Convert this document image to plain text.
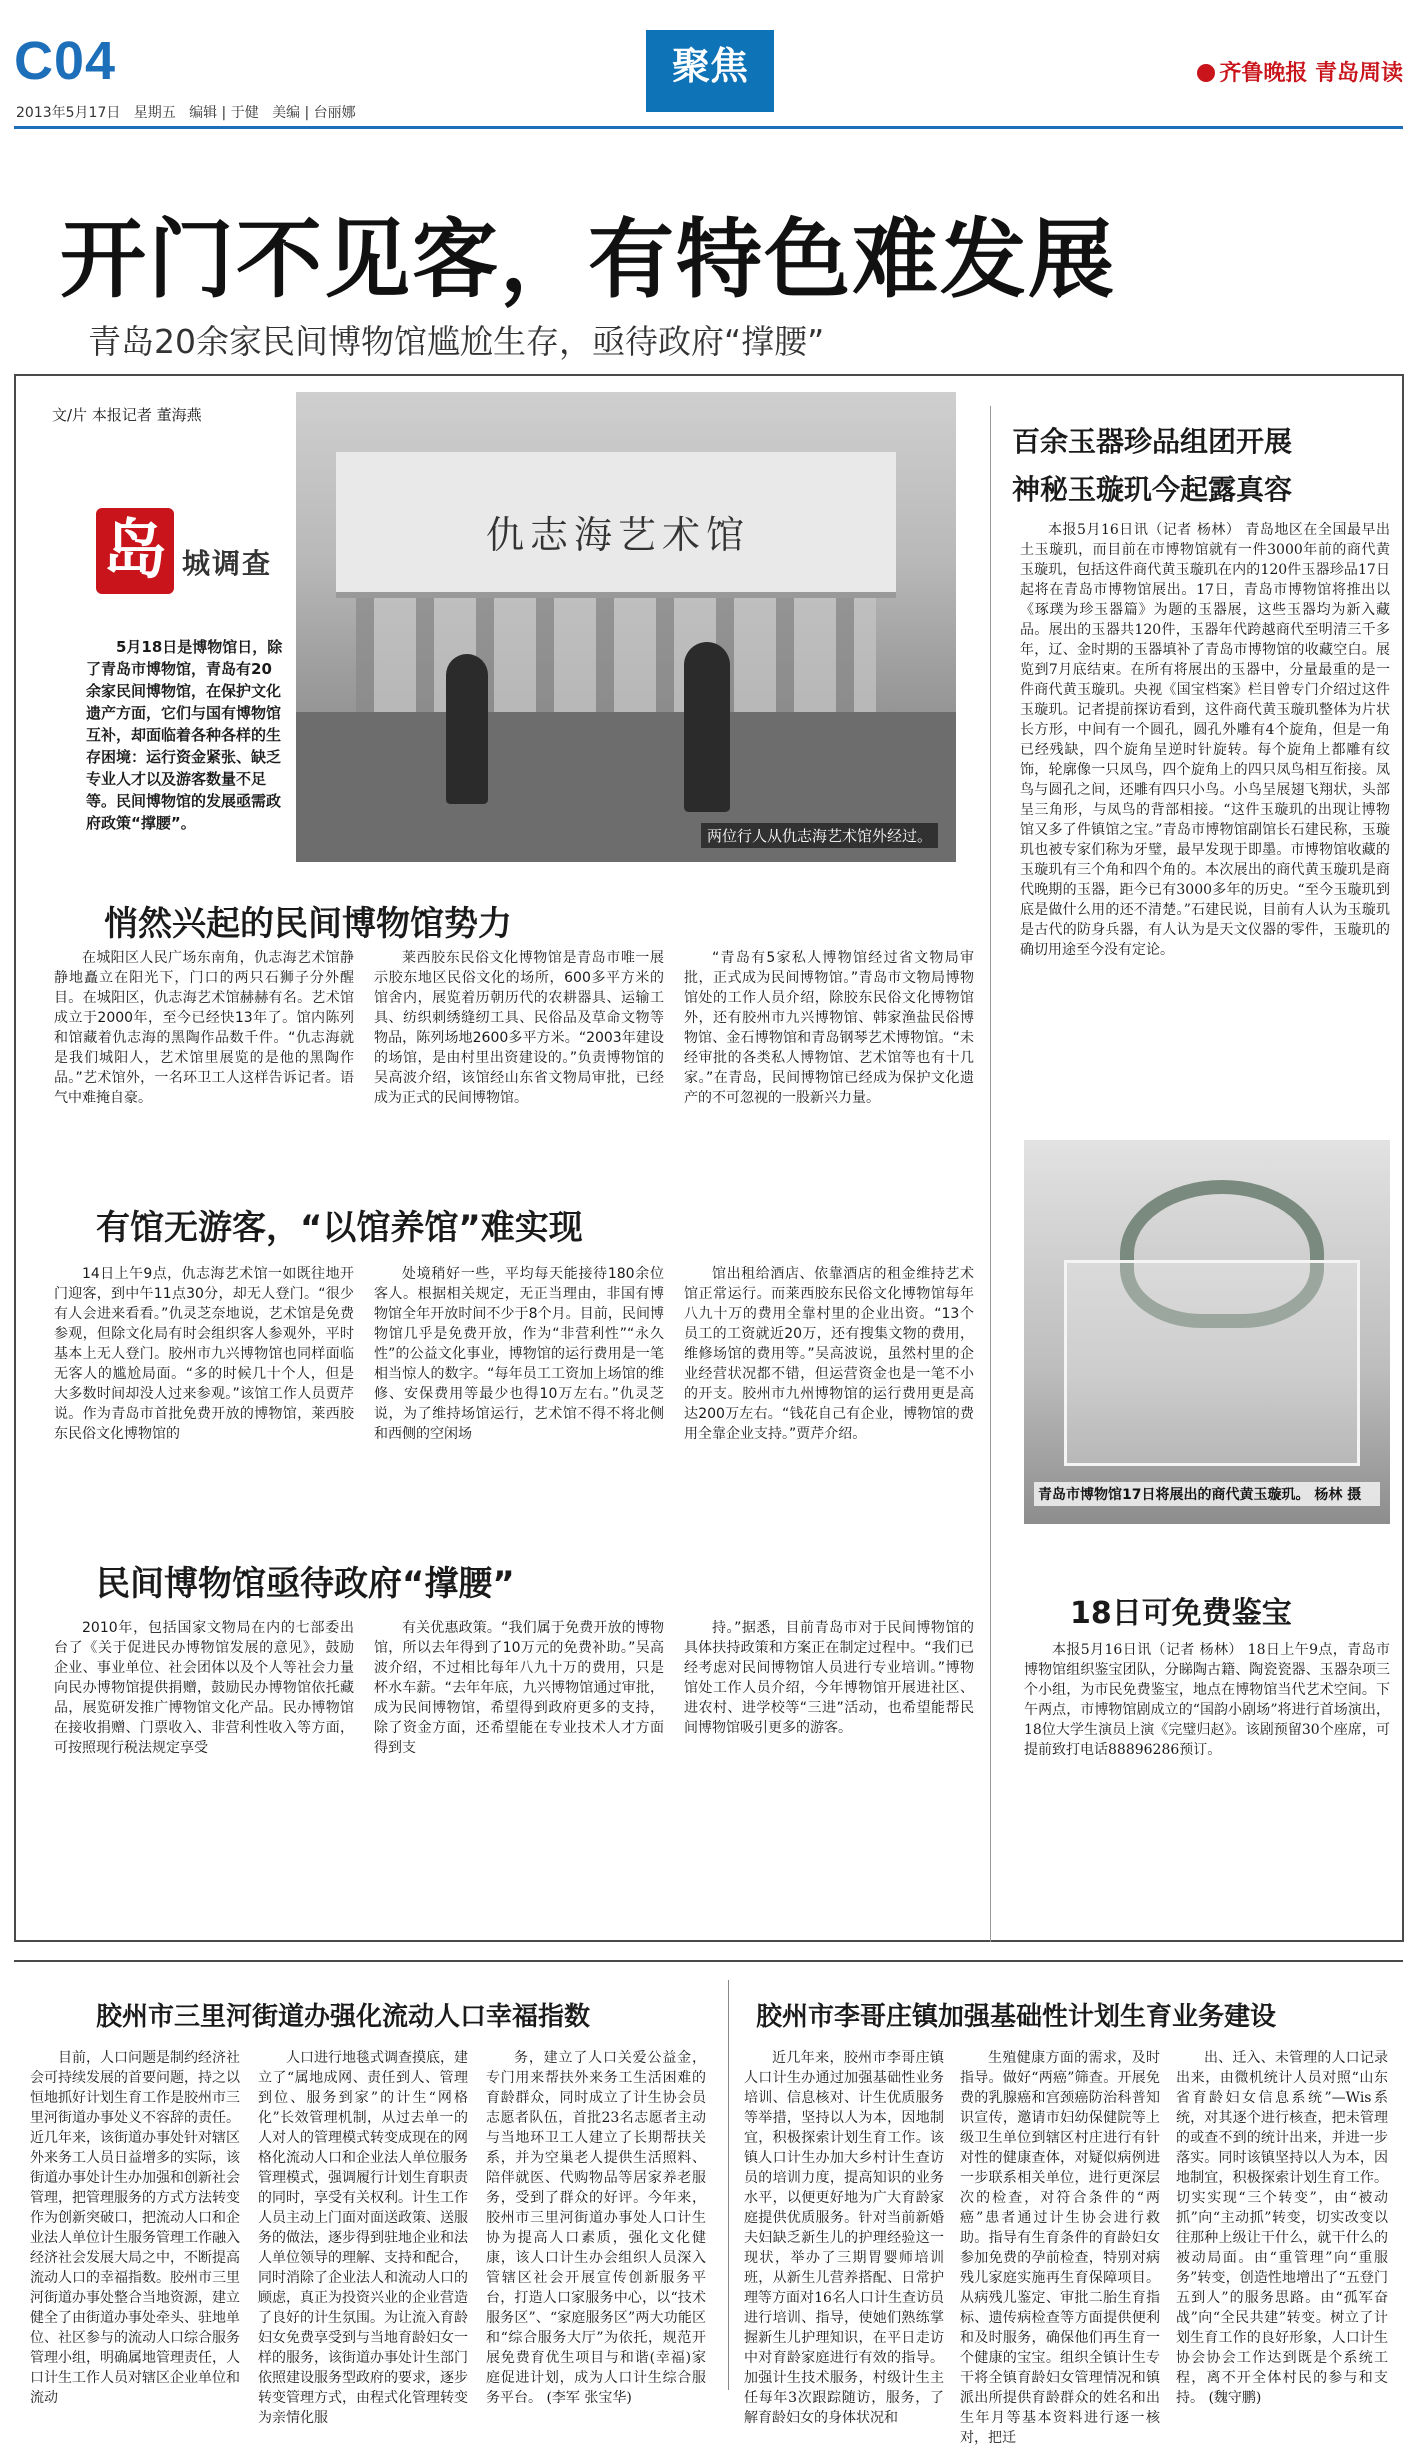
C04
2013年5月17日 星期五 编辑 | 于健 美编 | 台丽娜
聚焦	齐鲁晚报 青岛周读
开门不见客，有特色难发展
青岛20余家民间博物馆尴尬生存，亟待政府“撑腰”
文/片 本报记者 董海燕
仇志海艺术馆
两位行人从仇志海艺术馆外经过。
岛 城调查
5月18日是博物馆日，除了青岛市博物馆，青岛有20余家民间博物馆，在保护文化遗产方面，它们与国有博物馆互补，却面临着各种各样的生存困境：运行资金紧张、缺乏专业人才以及游客数量不足等。民间博物馆的发展亟需政府政策“撑腰”。
悄然兴起的民间博物馆势力

在城阳区人民广场东南角，仇志海艺术馆静静地矗立在阳光下，门口的两只石狮子分外醒目。在城阳区，仇志海艺术馆赫赫有名。艺术馆成立于2000年，至今已经快13年了。馆内陈列和馆藏着仇志海的黑陶作品数千件。“仇志海就是我们城阳人，艺术馆里展览的是他的黑陶作品。”艺术馆外，一名环卫工人这样告诉记者。语气中难掩自豪。

莱西胶东民俗文化博物馆是青岛市唯一展示胶东地区民俗文化的场所，600多平方米的馆舍内，展览着历朝历代的农耕器具、运输工具、纺织刺绣缝纫工具、民俗品及草命文物等物品，陈列场地2600多平方米。“2003年建设的场馆，是由村里出资建设的。”负责博物馆的吴高波介绍，该馆经山东省文物局审批，已经成为正式的民间博物馆。

“青岛有5家私人博物馆经过省文物局审批，正式成为民间博物馆。”青岛市文物局博物馆处的工作人员介绍，除胶东民俗文化博物馆外，还有胶州市九兴博物馆、韩家渔盐民俗博物馆、金石博物馆和青岛钢琴艺术博物馆。“未经审批的各类私人博物馆、艺术馆等也有十几家。”在青岛，民间博物馆已经成为保护文化遗产的不可忽视的一股新兴力量。

有馆无游客，“以馆养馆”难实现

14日上午9点，仇志海艺术馆一如既往地开门迎客，到中午11点30分，却无人登门。“很少有人会进来看看。”仇灵芝奈地说，艺术馆是免费参观，但除文化局有时会组织客人参观外，平时基本上无人登门。胶州市九兴博物馆也同样面临无客人的尴尬局面。“多的时候几十个人，但是大多数时间却没人过来参观。”该馆工作人员贾芹说。作为青岛市首批免费开放的博物馆，莱西胶东民俗文化博物馆的

处境稍好一些，平均每天能接待180余位客人。根据相关规定，无正当理由，非国有博物馆全年开放时间不少于8个月。目前，民间博物馆几乎是免费开放，作为“非营利性”“永久性”的公益文化事业，博物馆的运行费用是一笔相当惊人的数字。“每年员工工资加上场馆的维修、安保费用等最少也得10万左右。”仇灵芝说，为了维持场馆运行，艺术馆不得不将北侧和西侧的空闲场

馆出租给酒店、依靠酒店的租金维持艺术馆正常运行。而莱西胶东民俗文化博物馆每年八九十万的费用全靠村里的企业出资。“13个员工的工资就近20万，还有搜集文物的费用，维修场馆的费用等。”吴高波说，虽然村里的企业经营状况都不错，但运营资金也是一笔不小的开支。胶州市九州博物馆的运行费用更是高达200万左右。“钱花自己有企业，博物馆的费用全靠企业支持。”贾芹介绍。

民间博物馆亟待政府“撑腰”

2010年，包括国家文物局在内的七部委出台了《关于促进民办博物馆发展的意见》，鼓励企业、事业单位、社会团体以及个人等社会力量向民办博物馆提供捐赠，鼓励民办博物馆依托藏品，展览研发推广博物馆文化产品。民办博物馆在接收捐赠、门票收入、非营利性收入等方面，可按照现行税法规定享受

有关优惠政策。“我们属于免费开放的博物馆，所以去年得到了10万元的免费补助。”吴高波介绍，不过相比每年八九十万的费用，只是杯水车薪。“去年年底，九兴博物馆通过审批，成为民间博物馆，希望得到政府更多的支持，除了资金方面，还希望能在专业技术人才方面得到支

持。”据悉，目前青岛市对于民间博物馆的具体扶持政策和方案正在制定过程中。“我们已经考虑对民间博物馆人员进行专业培训。”博物馆处工作人员介绍，今年博物馆开展进社区、进农村、进学校等“三进”活动，也希望能帮民间博物馆吸引更多的游客。

百余玉器珍品组团开展
神秘玉璇玑今起露真容

本报5月16日讯（记者 杨林） 青岛地区在全国最早出土玉璇玑，而目前在市博物馆就有一件3000年前的商代黄玉璇玑，包括这件商代黄玉璇玑在内的120件玉器珍品17日起将在青岛市博物馆展出。17日，青岛市博物馆将推出以《琢璞为珍玉器篇》为题的玉器展，这些玉器均为新入藏品。展出的玉器共120件，玉器年代跨越商代至明清三千多年，辽、金时期的玉器填补了青岛市博物馆的收藏空白。展览到7月底结束。在所有将展出的玉器中，分量最重的是一件商代黄玉璇玑。央视《国宝档案》栏目曾专门介绍过这件玉璇玑。记者提前探访看到，这件商代黄玉璇玑整体为片状长方形，中间有一个圆孔，圆孔外雕有4个旋角，但是一角已经残缺，四个旋角呈逆时针旋转。每个旋角上都雕有纹饰，轮廓像一只凤鸟，四个旋角上的四只凤鸟相互衔接。凤鸟与圆孔之间，还雕有四只小鸟。小鸟呈展翅飞翔状，头部呈三角形，与凤鸟的背部相接。“这件玉璇玑的出现让博物馆又多了件镇馆之宝。”青岛市博物馆副馆长石建民称，玉璇玑也被专家们称为牙璧，最早发现于即墨。市博物馆收藏的玉璇玑有三个角和四个角的。本次展出的商代黄玉璇玑是商代晚期的玉器，距今已有3000多年的历史。“至今玉璇玑到底是做什么用的还不清楚。”石建民说，目前有人认为玉璇玑是古代的防身兵器，有人认为是天文仪器的零件，玉璇玑的确切用途至今没有定论。

青岛市博物馆17日将展出的商代黄玉璇玑。 杨林 摄
18日可免费鉴宝

本报5月16日讯（记者 杨林） 18日上午9点，青岛市博物馆组织鉴宝团队，分睇陶古籍、陶瓷瓷器、玉器杂项三个小组，为市民免费鉴宝，地点在博物馆当代艺术空间。下午两点，市博物馆剧成立的“国韵小剧场”将进行首场演出，18位大学生演员上演《完璧归赵》。该剧预留30个座席，可提前致打电话88896286预订。

胶州市三里河街道办强化流动人口幸福指数

目前，人口问题是制约经济社会可持续发展的首要问题，持之以恒地抓好计划生育工作是胶州市三里河街道办事处义不容辞的责任。近几年来，该街道办事处针对辖区外来务工人员日益增多的实际，该街道办事处计生办加强和创新社会管理，把管理服务的方式方法转变作为创新突破口，把流动人口和企业法人单位计生服务管理工作融入经济社会发展大局之中，不断提高流动人口的幸福指数。胶州市三里河街道办事处整合当地资源，建立健全了由街道办事处牵头、驻地单位、社区参与的流动人口综合服务管理小组，明确属地管理责任，人口计生工作人员对辖区企业单位和流动

人口进行地毯式调查摸底，建立了“属地成网、责任到人、管理到位、服务到家”的计生“网格化”长效管理机制，从过去单一的人对人的管理模式转变成现在的网格化流动人口和企业法人单位服务管理模式，强调履行计划生育职责的同时，享受有关权利。计生工作人员主动上门面对面送政策、送服务的做法，逐步得到驻地企业和法人单位领导的理解、支持和配合，同时消除了企业法人和流动人口的顾虑，真正为投资兴业的企业营造了良好的计生氛围。为让流入育龄妇女免费享受到与当地育龄妇女一样的服务，该街道办事处计生部门依照建设服务型政府的要求，逐步转变管理方式，由程式化管理转变为亲情化服

务，建立了人口关爱公益金，专门用来帮扶外来务工生活困难的育龄群众，同时成立了计生协会员志愿者队伍，首批23名志愿者主动与当地环卫工人建立了长期帮扶关系，并为空巢老人提供生活照料、陪伴就医、代购物品等居家养老服务，受到了群众的好评。今年来，胶州市三里河街道办事处人口计生协为提高人口素质，强化文化健康，该人口计生办会组织人员深入管辖区社会开展宣传创新服务平台，打造人口家服务中心，以“技术服务区”、“家庭服务区”两大功能区和“综合服务大厅”为依托，规范开展免费育优生项目与和谐(幸福)家庭促进计划，成为人口计生综合服务平台。 (李军 张宝华)

胶州市李哥庄镇加强基础性计划生育业务建设

近几年来，胶州市李哥庄镇人口计生办通过加强基础性业务培训、信息核对、计生优质服务等举措，坚持以人为本，因地制宜，积极探索计划生育工作。该镇人口计生办加大乡村计生查访员的培训力度，提高知识的业务水平，以便更好地为广大育龄家庭提供优质服务。针对当前新婚夫妇缺乏新生儿的护理经验这一现状，举办了三期胃婴师培训班，从新生儿营养搭配、日常护理等方面对16名人口计生查访员进行培训、指导，使她们熟练掌握新生儿护理知识，在平日走访中对育龄家庭进行有效的指导。加强计生技术服务，村级计生主任每年3次跟踪随访，服务，了解育龄妇女的身体状况和

生殖健康方面的需求，及时指导。做好“两癌”筛查。开展免费的乳腺癌和宫颈癌防治科普知识宣传，邀请市妇幼保健院等上级卫生单位到辖区村庄进行有针对性的健康查体，对疑似病例进一步联系相关单位，进行更深层次的检查，对符合条件的“两癌”患者通过计生协会进行救助。指导有生育条件的育龄妇女参加免费的孕前检查，特别对病残儿家庭实施再生育保障项目。从病残儿鉴定、审批二胎生育指标、遗传病检查等方面提供便利和及时服务，确保他们再生育一个健康的宝宝。组织全镇计生专干将全镇育龄妇女管理情况和镇派出所提供育龄群众的姓名和出生年月等基本资料进行逐一核对，把迁

出、迁入、未管理的人口记录出来，由微机统计人员对照“山东省育龄妇女信息系统”—Wis系统，对其逐个进行核查，把未管理的或查不到的统计出来，并进一步落实。同时该镇坚持以人为本，因地制宜，积极探索计划生育工作。切实实现“三个转变”，由“被动抓”向“主动抓”转变，切实改变以往那种上级让干什么，就干什么的被动局面。由“重管理”向“重服务”转变，创造性地增出了“五登门五到人”的服务思路。由“孤军奋战”向“全民共建”转变。树立了计划生育工作的良好形象，人口计生协会协会工作达到既是个系统工程，离不开全体村民的参与和支持。 (魏守鹏)
